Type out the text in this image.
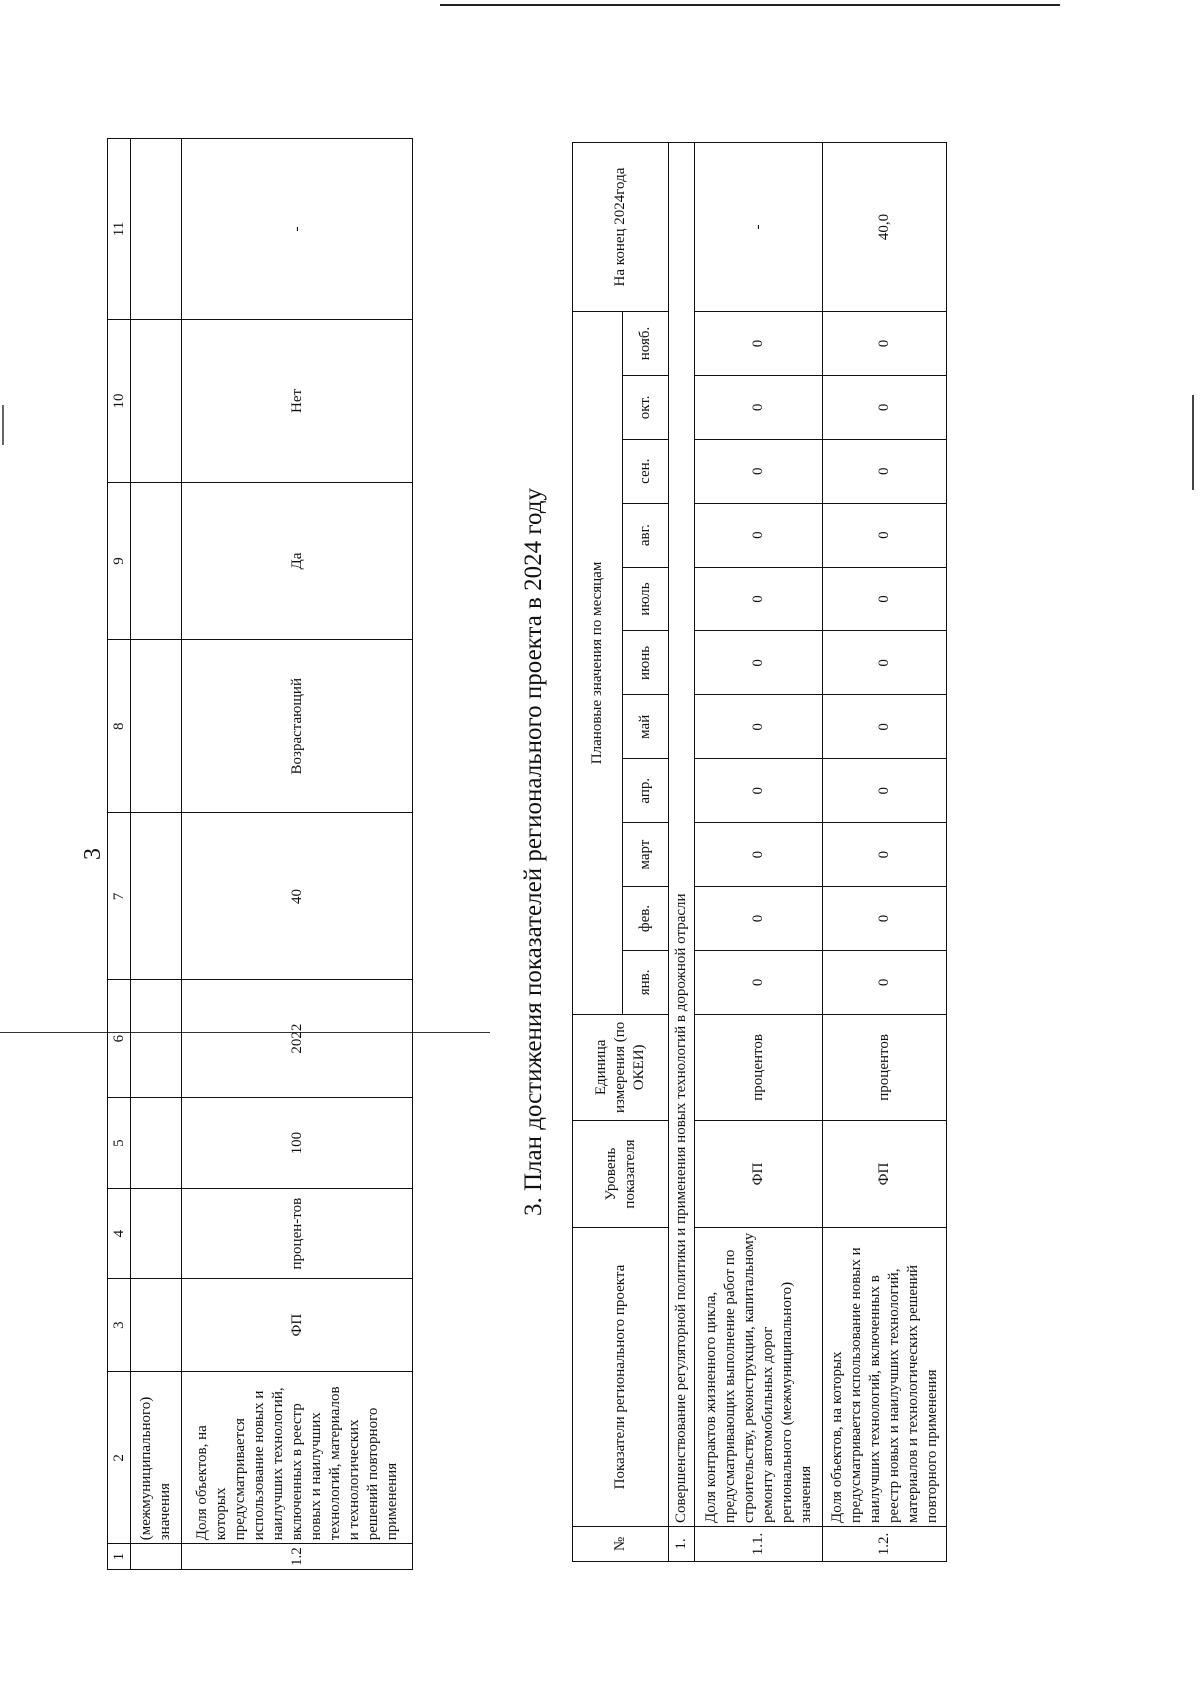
3
1	2	3	4	5	6	7	8	9	10	11
	(межмуниципального) значения									
1.2	Доля объектов, на которых предусматривается использование новых и наилучших технологий, включенных в реестр новых и наилучших технологий, материалов и технологических решений повторного применения	ФП	процен-тов	100	2022	40	Возрастающий	Да	Нет	-
3. План достижения показателей регионального проекта в 2024 году
№	Показатели регионального проекта	Уровень показателя	Единица измерения (по ОКЕИ)	Плановые значения по месяцам											На конец 2024года
				янв.	фев.	март	апр.	май	июнь	июль	авг.	сен.	окт.	нояб.	
1.	Совершенствование регуляторной политики и применения новых технологий в дорожной отрасли														
1.1.	Доля контрактов жизненного цикла, предусматривающих выполнение работ по строительству, реконструкции, капитальному ремонту автомобильных дорог регионального (межмуниципального) значения	ФП	процентов	0	0	0	0	0	0	0	0	0	0	0	-
1.2.	Доля объектов, на которых предусматривается использование новых и наилучших технологий, включенных в реестр новых и наилучших технологий, материалов и технологических решений повторного применения	ФП	процентов	0	0	0	0	0	0	0	0	0	0	0	40,0
